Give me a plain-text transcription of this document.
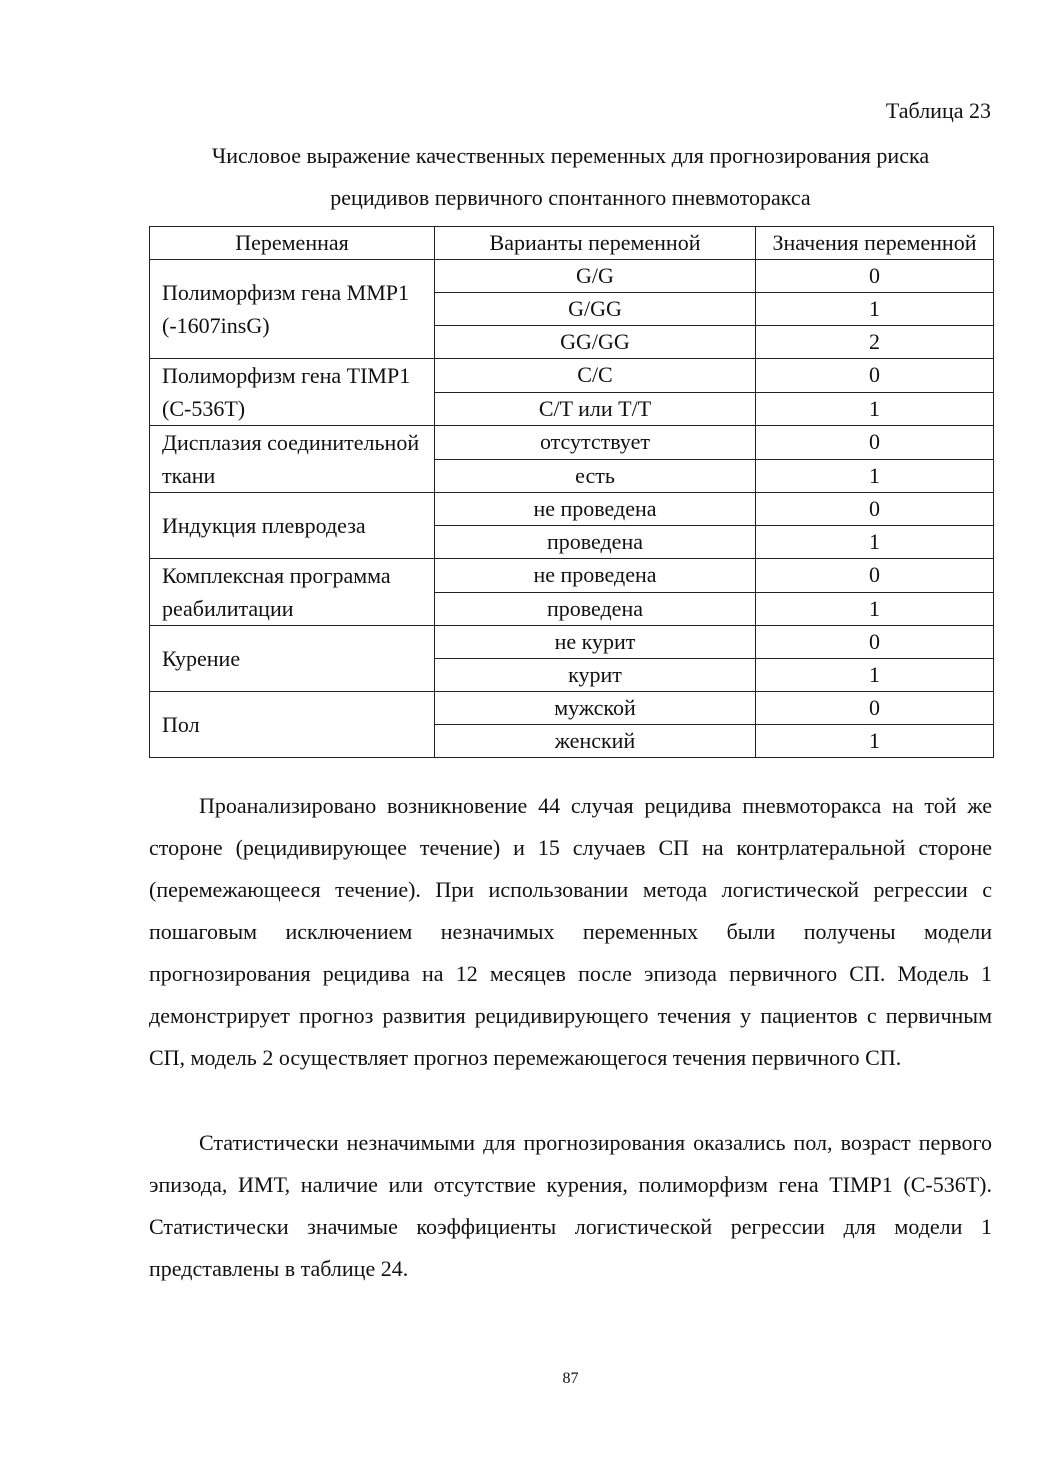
Таблица 23
Числовое выражение качественных переменных для прогнозирования риска
рецидивов первичного спонтанного пневмоторакса
Переменная	Варианты переменной	Значения переменной
Полиморфизм гена MMP1 (-1607insG)	G/G	0
	G/GG	1
	GG/GG	2
Полиморфизм гена TIMP1 (C-536T)	C/C	0
	C/T или T/T	1
Дисплазия соединительной ткани	отсутствует	0
	есть	1
Индукция плевродеза	не проведена	0
	проведена	1
Комплексная программа реабилитации	не проведена	0
	проведена	1
Курение	не курит	0
	курит	1
Пол	мужской	0
	женский	1

Проанализировано возникновение 44 случая рецидива пневмоторакса на той же стороне (рецидивирующее течение) и 15 случаев СП на контрлатеральной стороне (перемежающееся течение). При использовании метода логистической регрессии с пошаговым исключением незначимых переменных были получены модели прогнозирования рецидива на 12 месяцев после эпизода первичного СП. Модель 1 демонстрирует прогноз развития рецидивирующего течения у пациентов с первичным СП, модель 2 осуществляет прогноз перемежающегося течения первичного СП.

Статистически незначимыми для прогнозирования оказались пол, возраст первого эпизода, ИМТ, наличие или отсутствие курения, полиморфизм гена TIMP1 (C-536T). Статистически значимые коэффициенты логистической регрессии для модели 1 представлены в таблице 24.

87
